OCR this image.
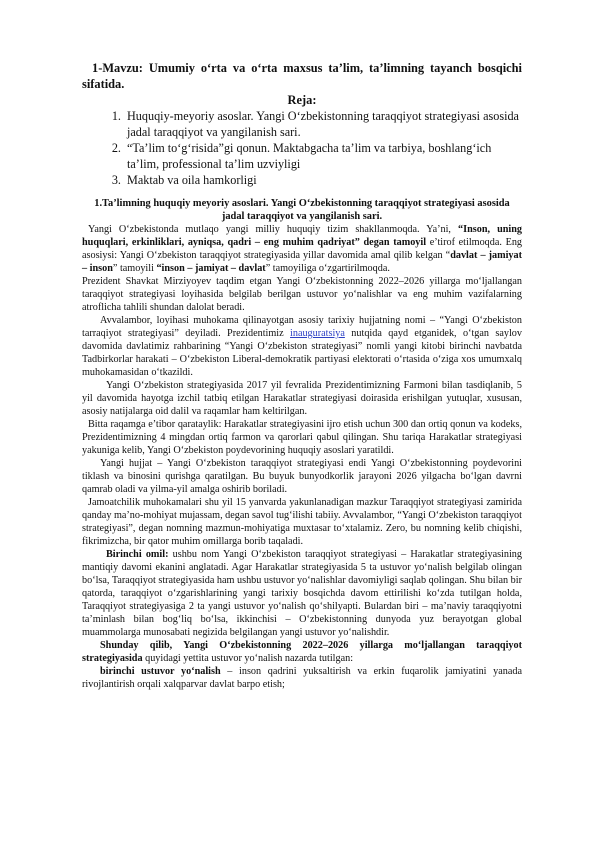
1-Mavzu: Umumiy o‘rta va o‘rta maxsus ta’lim, ta’limning tayanch bosqichi sifatida.

Reja:

1. Huquqiy-meyoriy asoslar. Yangi O‘zbekistonning taraqqiyot strategiyasi asosida jadal taraqqiyot va yangilanish sari.
2. “Ta’lim to‘g‘risida”gi qonun. Maktabgacha ta’lim va tarbiya, boshlang‘ich ta’lim, professional ta’lim uzviyligi
3. Maktab va oila hamkorligi

1.Ta’limning huquqiy meyoriy asoslari. Yangi O‘zbekistonning taraqqiyot strategiyasi asosida jadal taraqqiyot va yangilanish sari.

Yangi O‘zbekistonda mutlaqo yangi milliy huquqiy tizim shakllanmoqda. Ya’ni, “Inson, uning huquqlari, erkinliklari, ayniqsa, qadri – eng muhim qadriyat” degan tamoyil e’tirof etilmoqda. Eng asosiysi: Yangi O‘zbekiston taraqqiyot strategiyasida yillar davomida amal qilib kelgan “davlat – jamiyat – inson” tamoyili “inson – jamiyat – davlat” tamoyiliga o‘zgartirilmoqda.

Prezident Shavkat Mirziyoyev taqdim etgan Yangi O‘zbekistonning 2022–2026 yillarga mo‘ljallangan taraqqiyot strategiyasi loyihasida belgilab berilgan ustuvor yo‘nalishlar va eng muhim vazifalarning atroflicha tahlili shundan dalolat beradi.

Avvalambor, loyihasi muhokama qilinayotgan asosiy tarixiy hujjatning nomi – “Yangi O‘zbekiston tarraqiyot strategiyasi” deyiladi. Prezidentimiz inauguratsiya nutqida qayd etganidek, o‘tgan saylov davomida davlatimiz rahbarining “Yangi O‘zbekiston strategiyasi” nomli yangi kitobi birinchi navbatda Tadbirkorlar harakati – O‘zbekiston Liberal-demokratik partiyasi elektorati o‘rtasida o‘ziga xos umumxalq muhokamasidan o‘tkazildi.

Yangi O‘zbekiston strategiyasida 2017 yil fevralida Prezidentimizning Farmoni bilan tasdiqlanib, 5 yil davomida hayotga izchil tatbiq etilgan Harakatlar strategiyasi doirasida erishilgan yutuqlar, xususan, asosiy natijalarga oid dalil va raqamlar ham keltirilgan.

Bitta raqamga e’tibor qarataylik: Harakatlar strategiyasini ijro etish uchun 300 dan ortiq qonun va kodeks, Prezidentimizning 4 mingdan ortiq farmon va qarorlari qabul qilingan. Shu tariqa Harakatlar strategiyasi yakuniga kelib, Yangi O‘zbekiston poydevorining huquqiy asoslari yaratildi.

Yangi hujjat – Yangi O‘zbekiston taraqqiyot strategiyasi endi Yangi O‘zbekistonning poydevorini tiklash va binosini qurishga qaratilgan. Bu buyuk bunyodkorlik jarayoni 2026 yilgacha bo‘lgan davrni qamrab oladi va yilma-yil amalga oshirib boriladi.

Jamoatchilik muhokamalari shu yil 15 yanvarda yakunlanadigan mazkur Taraqqiyot strategiyasi zamirida qanday ma’no-mohiyat mujassam, degan savol tug‘ilishi tabiiy. Avvalambor, “Yangi O‘zbekiston taraqqiyot strategiyasi”, degan nomning mazmun-mohiyatiga muxtasar to‘xtalamiz. Zero, bu nomning kelib chiqishi, fikrimizcha, bir qator muhim omillarga borib taqaladi.

Birinchi omil: ushbu nom Yangi O‘zbekiston taraqqiyot strategiyasi – Harakatlar strategiyasining mantiqiy davomi ekanini anglatadi. Agar Harakatlar strategiyasida 5 ta ustuvor yo‘nalish belgilab olingan bo‘lsa, Taraqqiyot strategiyasida ham ushbu ustuvor yo‘nalishlar davomiyligi saqlab qolingan. Shu bilan bir qatorda, taraqqiyot o‘zgarishlarining yangi tarixiy bosqichda davom ettirilishi ko‘zda tutilgan holda, Taraqqiyot strategiyasiga 2 ta yangi ustuvor yo‘nalish qo‘shilyapti. Bulardan biri – ma’naviy taraqqiyotni ta’minlash bilan bog‘liq bo‘lsa, ikkinchisi – O‘zbekistonning dunyoda yuz berayotgan global muammolarga munosabati negizida belgilangan yangi ustuvor yo‘nalishdir.

Shunday qilib, Yangi O‘zbekistonning 2022–2026 yillarga mo‘ljallangan taraqqiyot strategiyasida quyidagi yettita ustuvor yo‘nalish nazarda tutilgan:

birinchi ustuvor yo‘nalish – inson qadrini yuksaltirish va erkin fuqarolik jamiyatini yanada rivojlantirish orqali xalqparvar davlat barpo etish;
